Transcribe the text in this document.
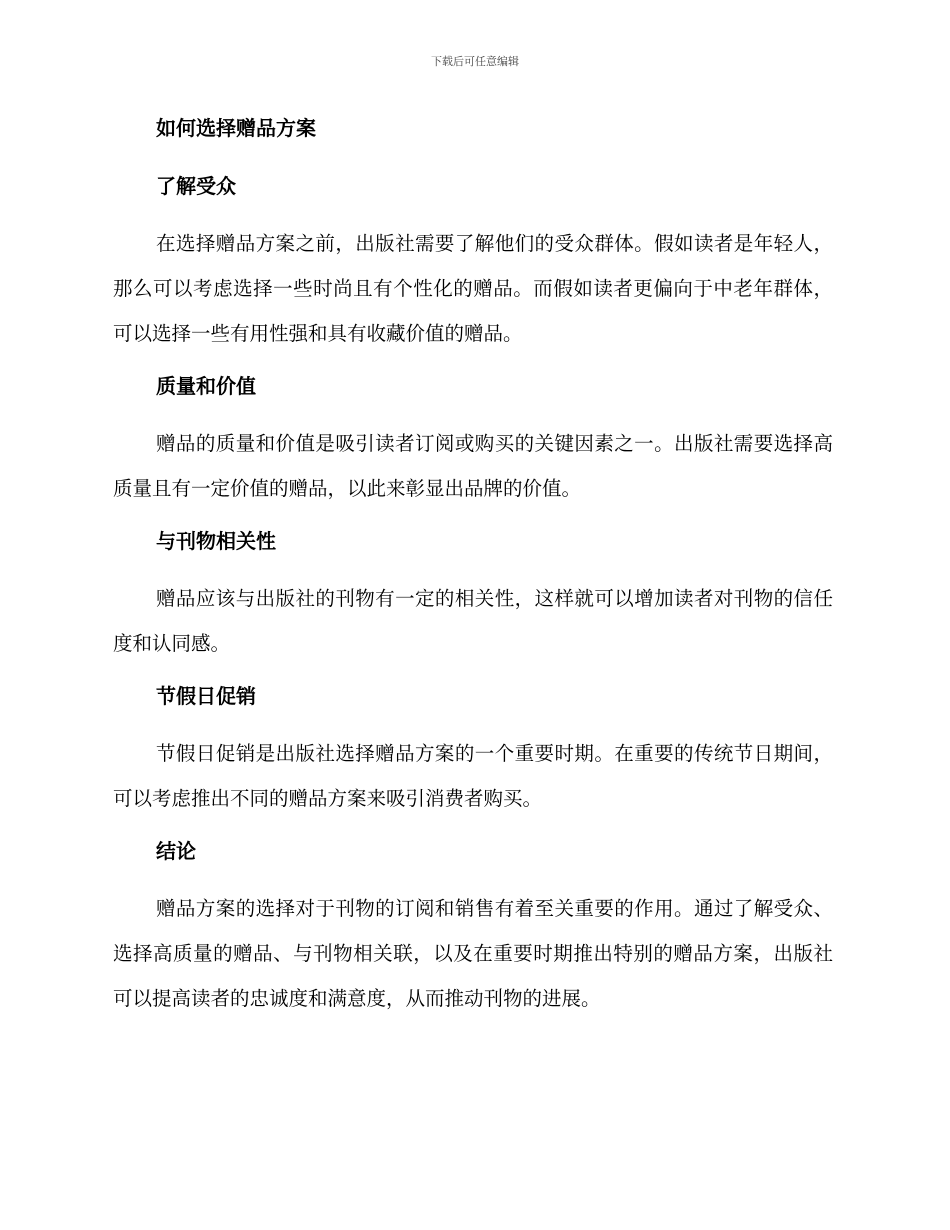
下载后可任意编辑
如何选择赠品方案
了解受众

在选择赠品方案之前，出版社需要了解他们的受众群体。假如读者是年轻人，那么可以考虑选择一些时尚且有个性化的赠品。而假如读者更偏向于中老年群体，可以选择一些有用性强和具有收藏价值的赠品。

质量和价值

赠品的质量和价值是吸引读者订阅或购买的关键因素之一。出版社需要选择高质量且有一定价值的赠品，以此来彰显出品牌的价值。

与刊物相关性

赠品应该与出版社的刊物有一定的相关性，这样就可以增加读者对刊物的信任度和认同感。

节假日促销

节假日促销是出版社选择赠品方案的一个重要时期。在重要的传统节日期间，可以考虑推出不同的赠品方案来吸引消费者购买。

结论

赠品方案的选择对于刊物的订阅和销售有着至关重要的作用。通过了解受众、选择高质量的赠品、与刊物相关联，以及在重要时期推出特别的赠品方案，出版社可以提高读者的忠诚度和满意度，从而推动刊物的进展。
